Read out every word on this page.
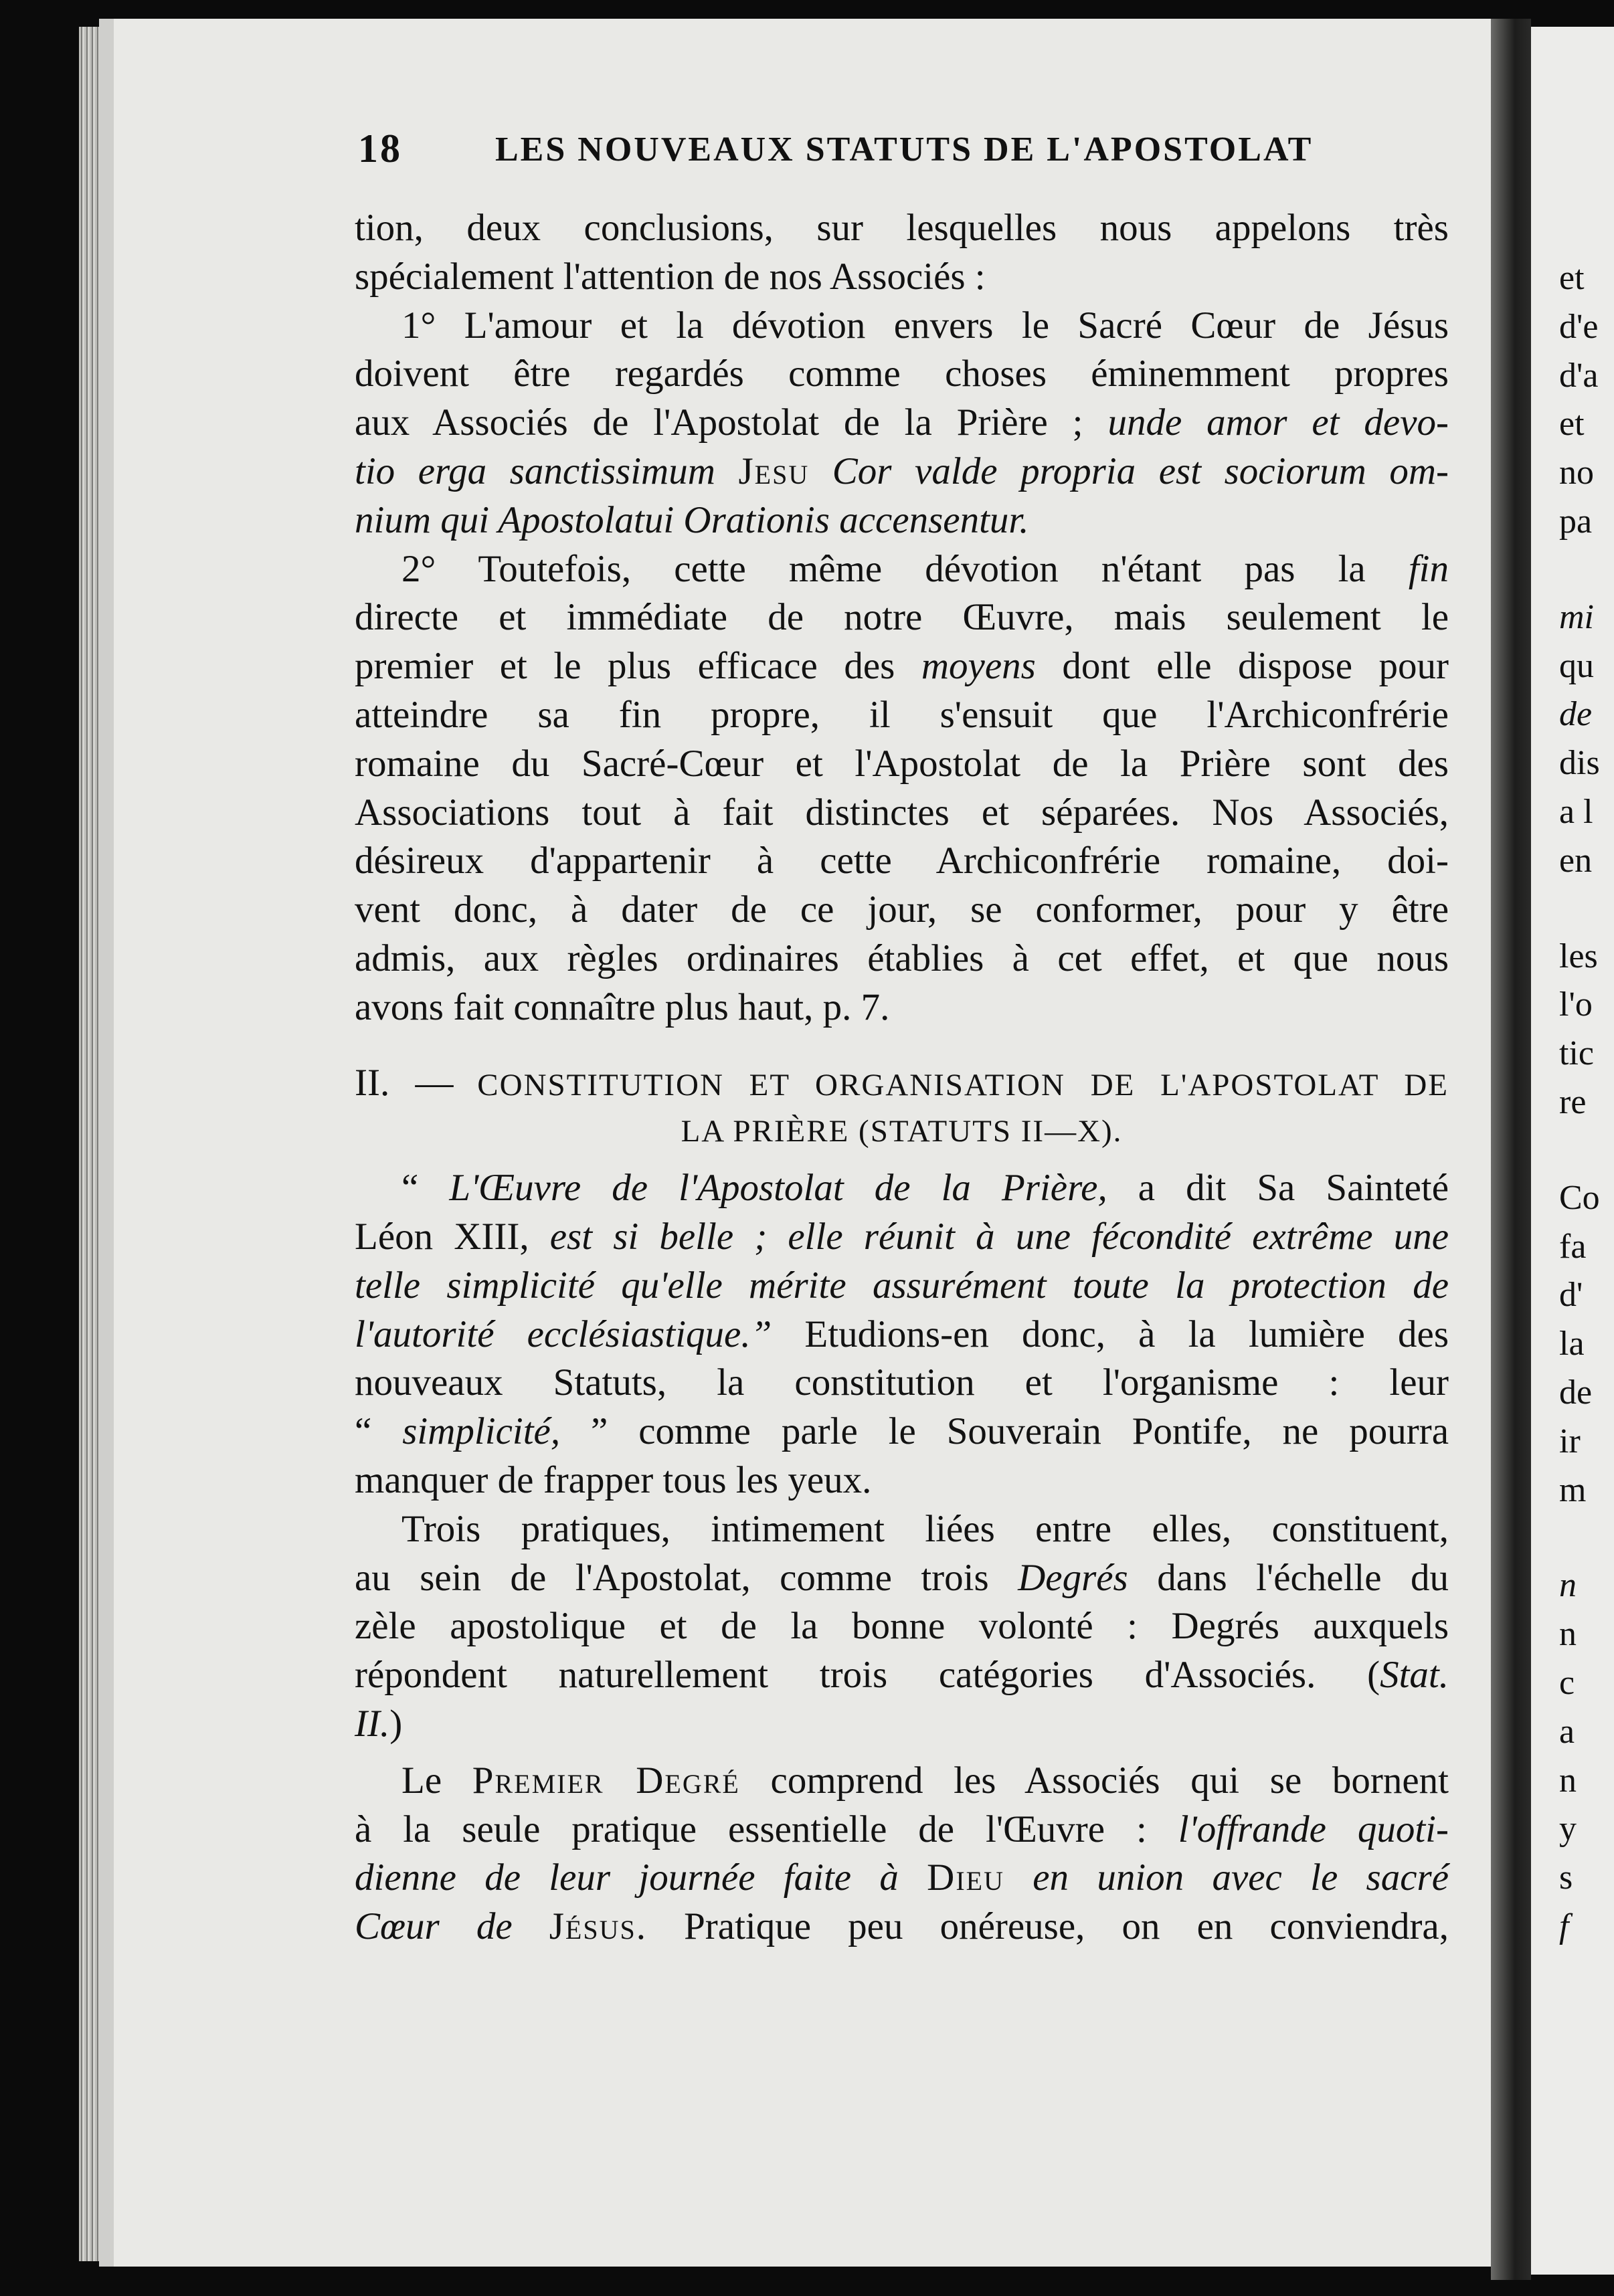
18	LES NOUVEAUX STATUTS DE L'APOSTOLAT
tion, deux conclusions, sur lesquelles nous appelons très
spécialement l'attention de nos Associés :
1° L'amour et la dévotion envers le Sacré Cœur de Jésus
doivent être regardés comme choses éminemment propres
aux Associés de l'Apostolat de la Prière ; unde amor et devo-
tio erga sanctissimum Jesu Cor valde propria est sociorum om-
nium qui Apostolatui Orationis accensentur.
2° Toutefois, cette même dévotion n'étant pas la fin
directe et immédiate de notre Œuvre, mais seulement le
premier et le plus efficace des moyens dont elle dispose pour
atteindre sa fin propre, il s'ensuit que l'Archiconfrérie
romaine du Sacré-Cœur et l'Apostolat de la Prière sont des
Associations tout à fait distinctes et séparées. Nos Associés,
désireux d'appartenir à cette Archiconfrérie romaine, doi-
vent donc, à dater de ce jour, se conformer, pour y être
admis, aux règles ordinaires établies à cet effet, et que nous
avons fait connaître plus haut, p. 7.
II. — CONSTITUTION ET ORGANISATION DE L'APOSTOLAT DE
LA PRIÈRE (STATUTS II—X).
“ L'Œuvre de l'Apostolat de la Prière, a dit Sa Sainteté
Léon XIII, est si belle ; elle réunit à une fécondité extrême une
telle simplicité qu'elle mérite assurément toute la protection de
l'autorité ecclésiastique.” Etudions-en donc, à la lumière des
nouveaux Statuts, la constitution et l'organisme : leur
“ simplicité, ” comme parle le Souverain Pontife, ne pourra
manquer de frapper tous les yeux.
Trois pratiques, intimement liées entre elles, constituent,
au sein de l'Apostolat, comme trois Degrés dans l'échelle du
zèle apostolique et de la bonne volonté : Degrés auxquels
répondent naturellement trois catégories d'Associés. (Stat.
II.)
Le Premier Degré comprend les Associés qui se bornent
à la seule pratique essentielle de l'Œuvre : l'offrande quoti-
dienne de leur journée faite à Dieu en union avec le sacré
Cœur de Jésus. Pratique peu onéreuse, on en conviendra,
et
d'e
d'a
et
no
pa
mi
qu
de
dis
a l
en
les
l'o
tic
re
Co
fa
d'
la
de
ir
m
n
n
c
a
n
y
s
f
